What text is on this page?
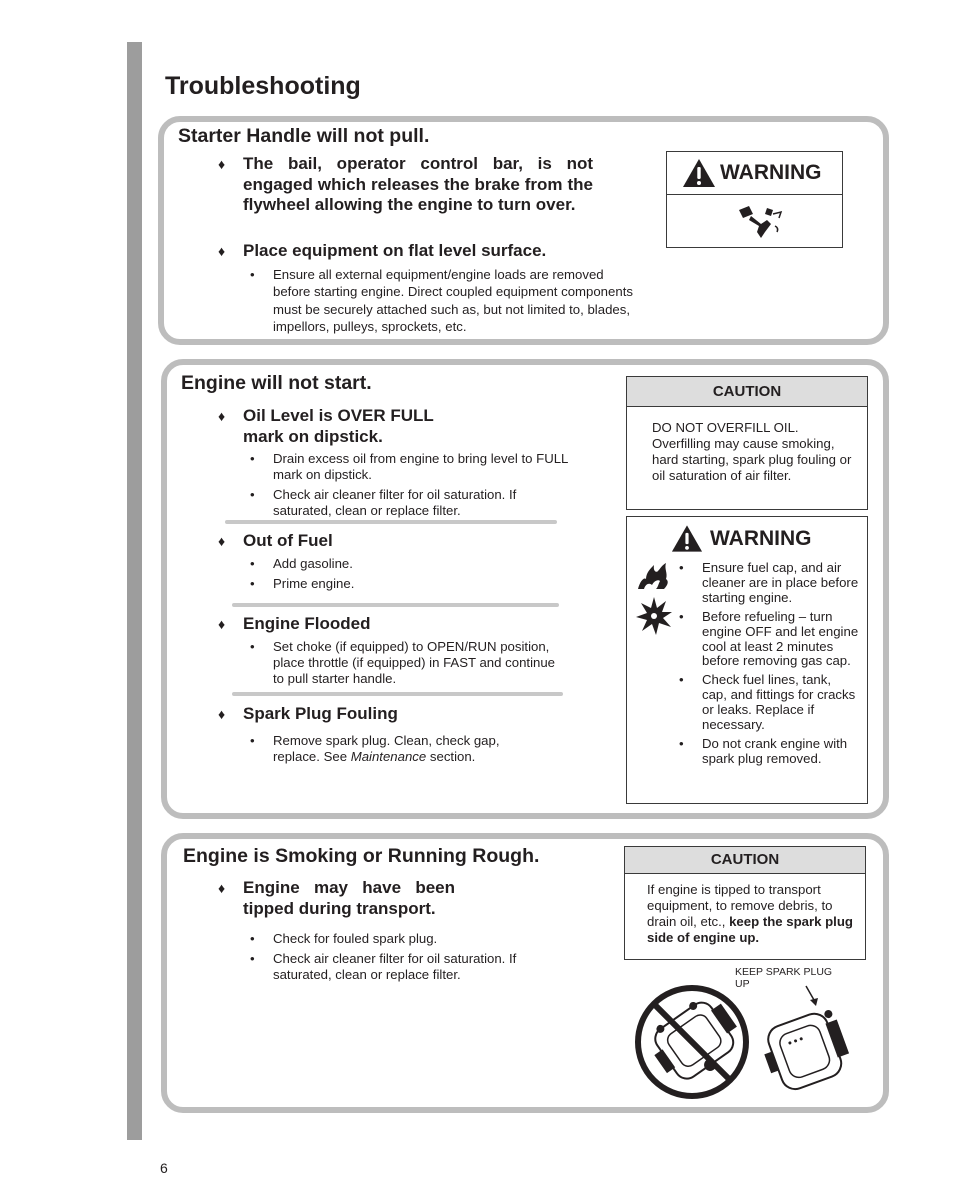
Troubleshooting
Starter Handle will not pull.
♦ The bail, operator control bar, is not engaged which releases the brake from the flywheel allowing the engine to turn over.
♦ Place equipment on flat level surface.
• Ensure all external equipment/engine loads are removed before starting engine. Direct coupled equipment components must be securely attached such as, but not limited to, blades, impellors, pulleys, sprockets, etc.
WARNING
Engine will not start.
♦ Oil Level is OVER FULL mark on dipstick.
• Drain excess oil from engine to bring level to FULL mark on dipstick.
• Check air cleaner filter for oil saturation. If saturated, clean or replace filter.
♦ Out of Fuel
• Add gasoline.
• Prime engine.
♦ Engine Flooded
• Set choke (if equipped) to OPEN/RUN position, place throttle (if equipped) in FAST and continue to pull starter handle.
♦ Spark Plug Fouling
• Remove spark plug. Clean, check gap, replace. See Maintenance section.
CAUTION
DO NOT OVERFILL OIL. Overfilling may cause smoking, hard starting, spark plug fouling or oil saturation of air filter.
WARNING
• Ensure fuel cap, and air cleaner are in place before starting engine.
• Before refueling – turn engine OFF and let engine cool at least 2 minutes before removing gas cap.
• Check fuel lines, tank, cap, and fittings for cracks or leaks. Replace if necessary.
• Do not crank engine with spark plug removed.
Engine is Smoking or Running Rough.
♦ Engine may have been tipped during transport.
• Check for fouled spark plug.
• Check air cleaner filter for oil saturation. If saturated, clean or replace filter.
CAUTION
If engine is tipped to transport equipment, to remove debris, to drain oil, etc., keep the spark plug side of engine up.
KEEP SPARK PLUG UP
6
